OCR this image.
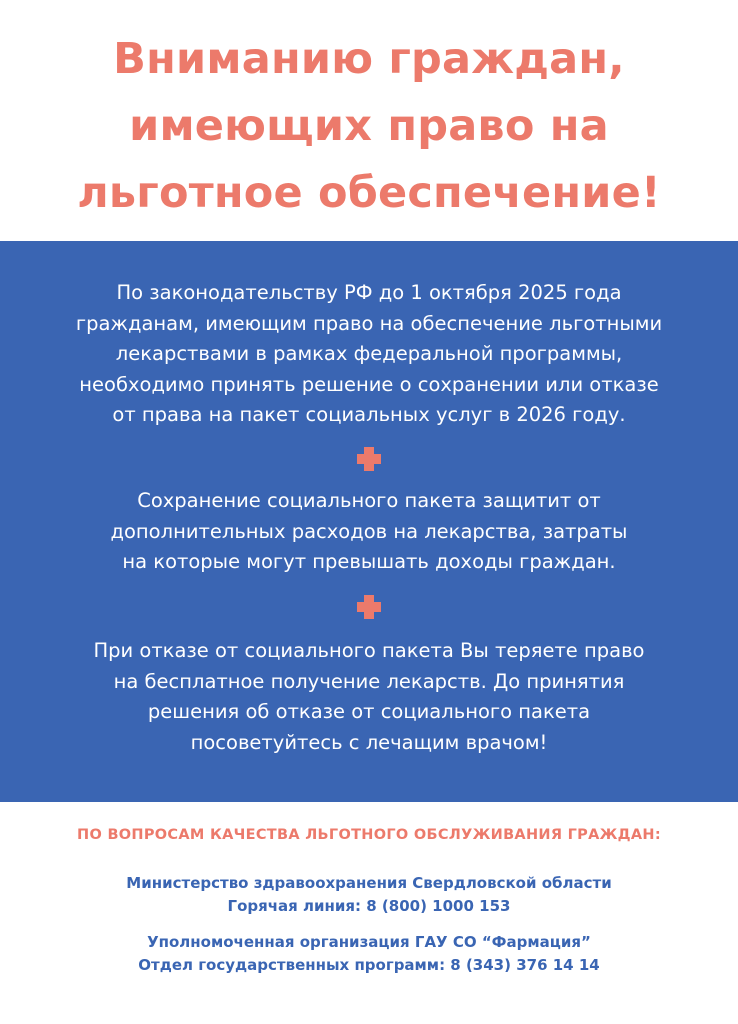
Вниманию граждан,
имеющих право на
льготное обеспечение!
По законодательству РФ до 1 октября 2025 года
гражданам, имеющим право на обеспечение льготными
лекарствами в рамках федеральной программы,
необходимо принять решение о сохранении или отказе
от права на пакет социальных услуг в 2026 году.
Сохранение социального пакета защитит от
дополнительных расходов на лекарства, затраты
на которые могут превышать доходы граждан.
При отказе от социального пакета Вы теряете право
на бесплатное получение лекарств. До принятия
решения об отказе от социального пакета
посоветуйтесь с лечащим врачом!
ПО ВОПРОСАМ КАЧЕСТВА ЛЬГОТНОГО ОБСЛУЖИВАНИЯ ГРАЖДАН:
Министерство здравоохранения Свердловской области
Горячая линия: 8 (800) 1000 153
Уполномоченная организация ГАУ СО “Фармация”
Отдел государственных программ: 8 (343) 376 14 14
